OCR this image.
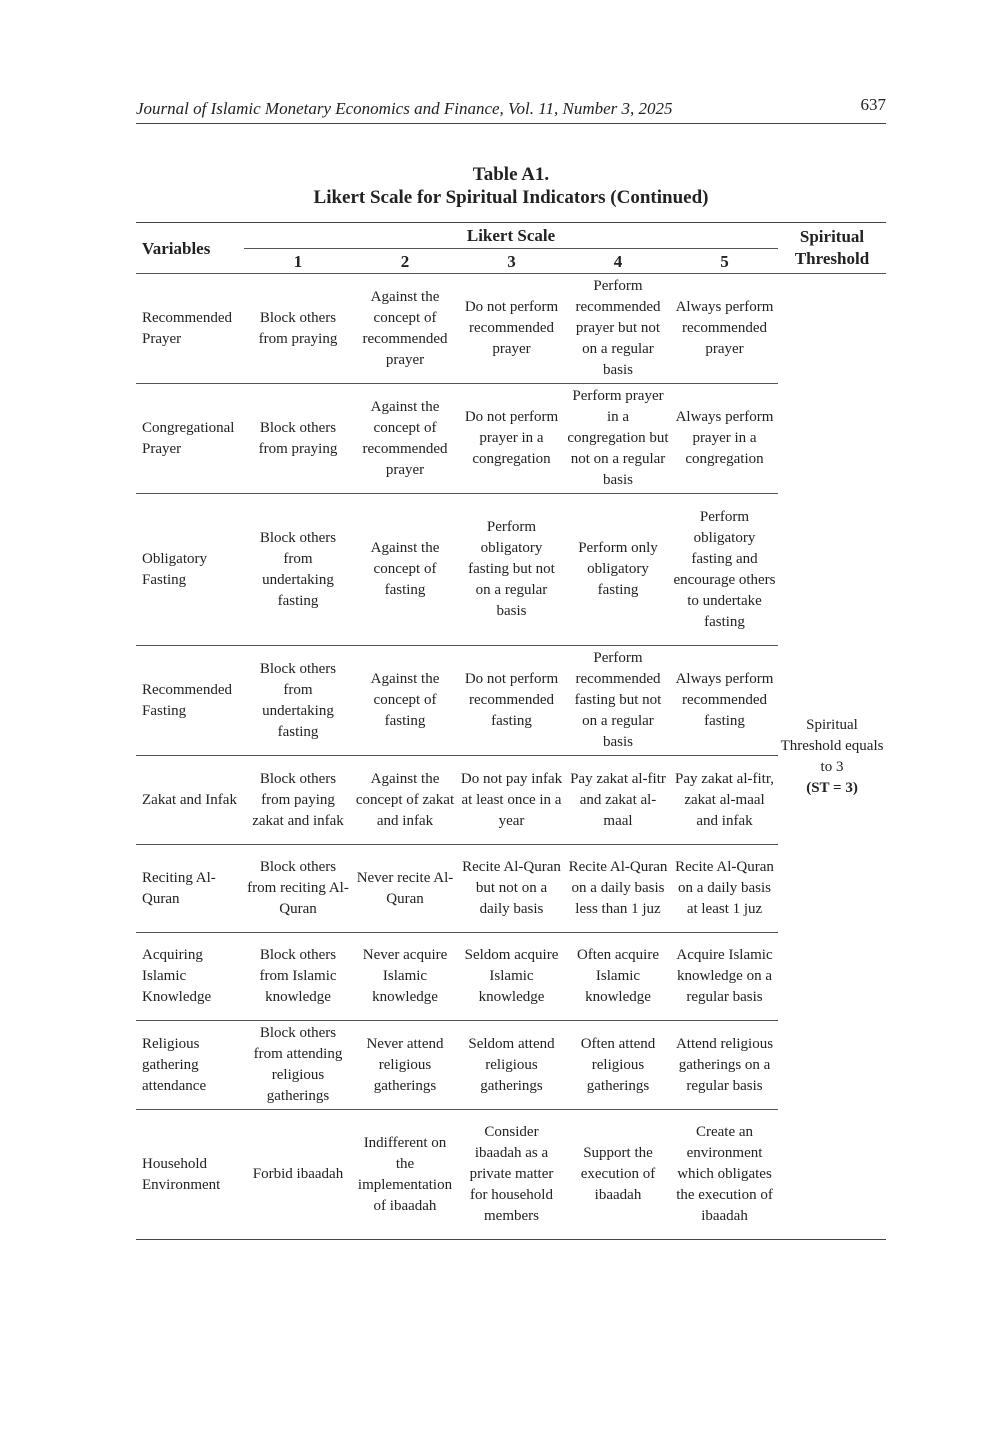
Journal of Islamic Monetary Economics and Finance, Vol. 11, Number 3, 2025	637
Table A1.
Likert Scale for Spiritual Indicators (Continued)
Variables	Likert Scale					Spiritual
Threshold

	1	2	3	4	5	
Recommended Prayer	Block others from praying	Against the concept of recommended prayer	Do not perform recommended prayer	Perform recommended prayer but not on a regular basis	Always perform recommended prayer	Spiritual Threshold equals to 3
(ST = 3)

Congregational Prayer	Block others from praying	Against the concept of recommended prayer	Do not perform prayer in a congregation	Perform prayer in a congregation but not on a regular basis	Always perform prayer in a congregation	
Obligatory Fasting	Block others from undertaking fasting	Against the concept of fasting	Perform obligatory fasting but not on a regular basis	Perform only obligatory fasting	Perform obligatory fasting and encourage others to undertake fasting	
Recommended Fasting	Block others from undertaking fasting	Against the concept of fasting	Do not perform recommended fasting	Perform recommended fasting but not on a regular basis	Always perform recommended fasting	
Zakat and Infak	Block others from paying zakat and infak	Against the concept of zakat and infak	Do not pay infak at least once in a year	Pay zakat al-fitr and zakat al-maal	Pay zakat al-fitr, zakat al-maal and infak	
Reciting Al-Quran	Block others from reciting Al-Quran	Never recite Al-Quran	Recite Al-Quran but not on a daily basis	Recite Al-Quran on a daily basis less than 1 juz	Recite Al-Quran on a daily basis at least 1 juz	
Acquiring Islamic Knowledge	Block others from Islamic knowledge	Never acquire Islamic knowledge	Seldom acquire Islamic knowledge	Often acquire Islamic knowledge	Acquire Islamic knowledge on a regular basis	
Religious gathering attendance	Block others from attending religious gatherings	Never attend religious gatherings	Seldom attend religious gatherings	Often attend religious gatherings	Attend religious gatherings on a regular basis	
Household Environment	Forbid ibaadah	Indifferent on the implementation of ibaadah	Consider ibaadah as a private matter for household members	Support the execution of ibaadah	Create an environment which obligates the execution of ibaadah	
